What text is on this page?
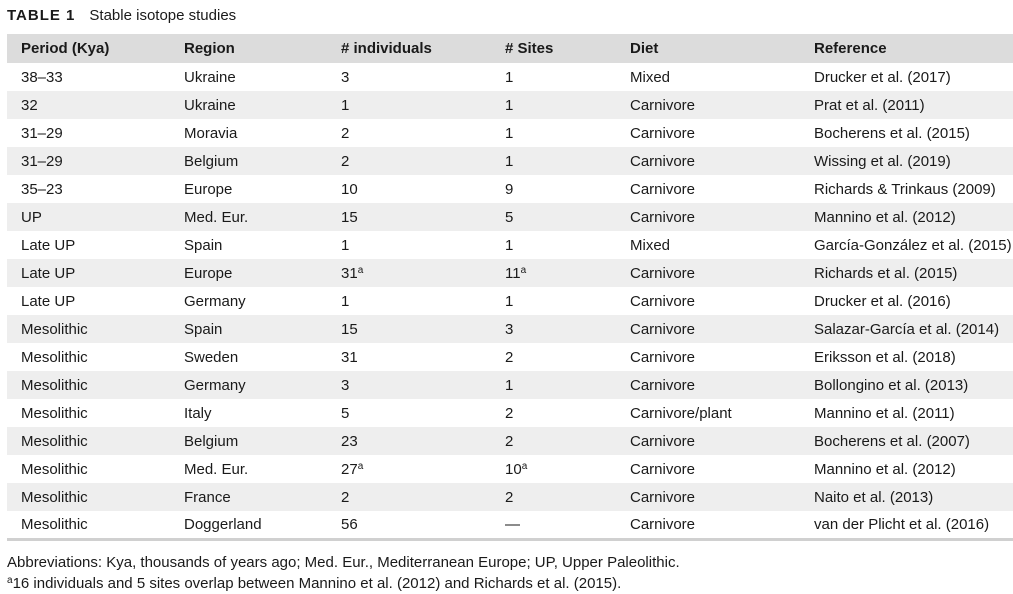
TABLE 1 Stable isotope studies
Period (Kya)	Region	# individuals	# Sites	Diet	Reference
38–33	Ukraine	3	1	Mixed	Drucker et al. (2017)
32	Ukraine	1	1	Carnivore	Prat et al. (2011)
31–29	Moravia	2	1	Carnivore	Bocherens et al. (2015)
31–29	Belgium	2	1	Carnivore	Wissing et al. (2019)
35–23	Europe	10	9	Carnivore	Richards & Trinkaus (2009)
UP	Med. Eur.	15	5	Carnivore	Mannino et al. (2012)
Late UP	Spain	1	1	Mixed	García-González et al. (2015)
Late UP	Europe	31$^a$	11$^a$	Carnivore	Richards et al. (2015)
Late UP	Germany	1	1	Carnivore	Drucker et al. (2016)
Mesolithic	Spain	15	3	Carnivore	Salazar-García et al. (2014)
Mesolithic	Sweden	31	2	Carnivore	Eriksson et al. (2018)
Mesolithic	Germany	3	1	Carnivore	Bollongino et al. (2013)
Mesolithic	Italy	5	2	Carnivore/plant	Mannino et al. (2011)
Mesolithic	Belgium	23	2	Carnivore	Bocherens et al. (2007)
Mesolithic	Med. Eur.	27$^a$	10$^a$	Carnivore	Mannino et al. (2012)
Mesolithic	France	2	2	Carnivore	Naito et al. (2013)
Mesolithic	Doggerland	56	—	Carnivore	van der Plicht et al. (2016)
Abbreviations: Kya, thousands of years ago; Med. Eur., Mediterranean Europe; UP, Upper Paleolithic.
$^a$16 individuals and 5 sites overlap between Mannino et al. (2012) and Richards et al. (2015).
